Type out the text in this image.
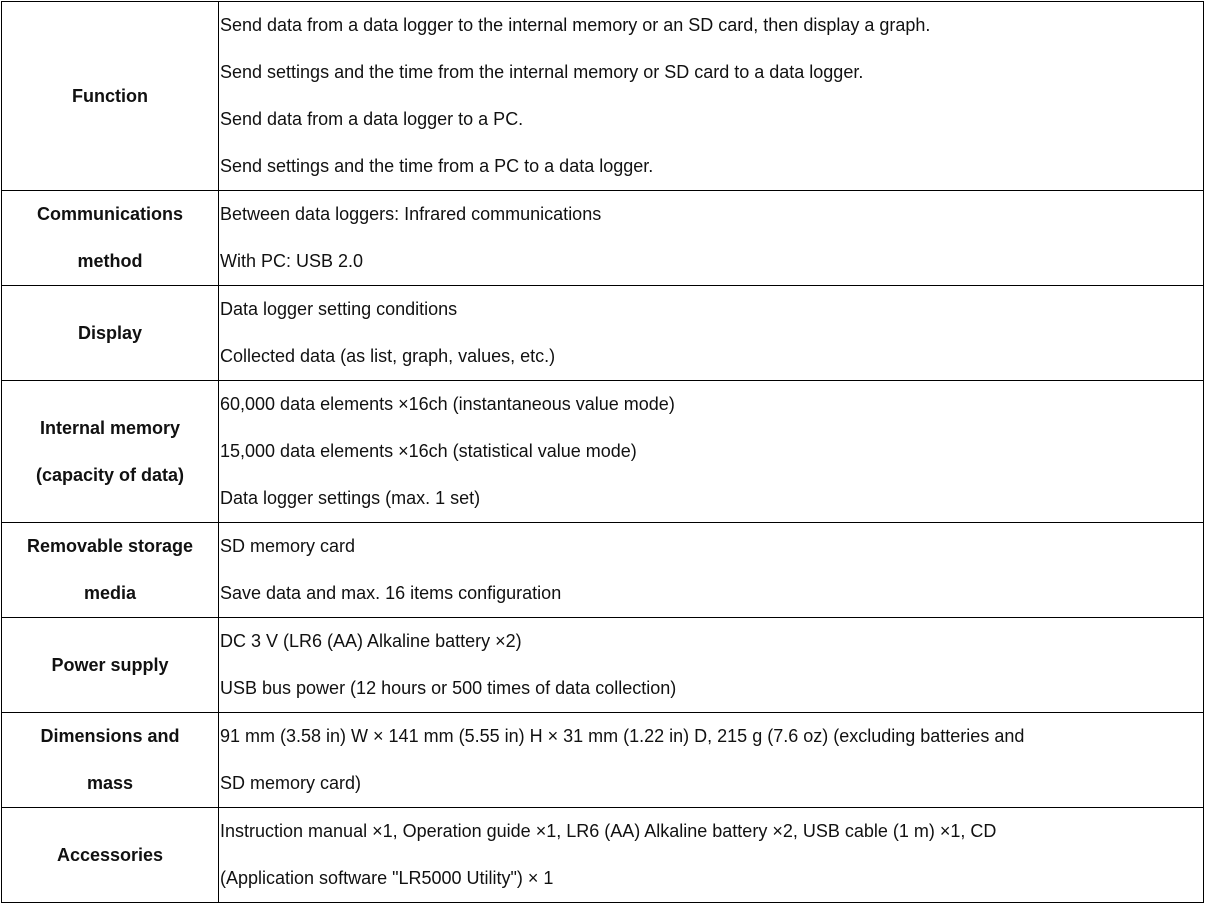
Function	Send data from a data logger to the internal memory or an SD card, then display a graph.
Send settings and the time from the internal memory or SD card to a data logger.
Send data from a data logger to a PC.
Send settings and the time from a PC to a data logger.

Communications
method	Between data loggers: Infrared communications
With PC: USB 2.0

Display	Data logger setting conditions
Collected data (as list, graph, values, etc.)

Internal memory
(capacity of data)	60,000 data elements ×16ch (instantaneous value mode)
15,000 data elements ×16ch (statistical value mode)
Data logger settings (max. 1 set)

Removable storage
media	SD memory card
Save data and max. 16 items configuration

Power supply	DC 3 V (LR6 (AA) Alkaline battery ×2)
USB bus power (12 hours or 500 times of data collection)

Dimensions and
mass	91 mm (3.58 in) W × 141 mm (5.55 in) H × 31 mm (1.22 in) D, 215 g (7.6 oz) (excluding batteries and
SD memory card)

Accessories	Instruction manual ×1, Operation guide ×1, LR6 (AA) Alkaline battery ×2, USB cable (1 m) ×1, CD
(Application software "LR5000 Utility") × 1
